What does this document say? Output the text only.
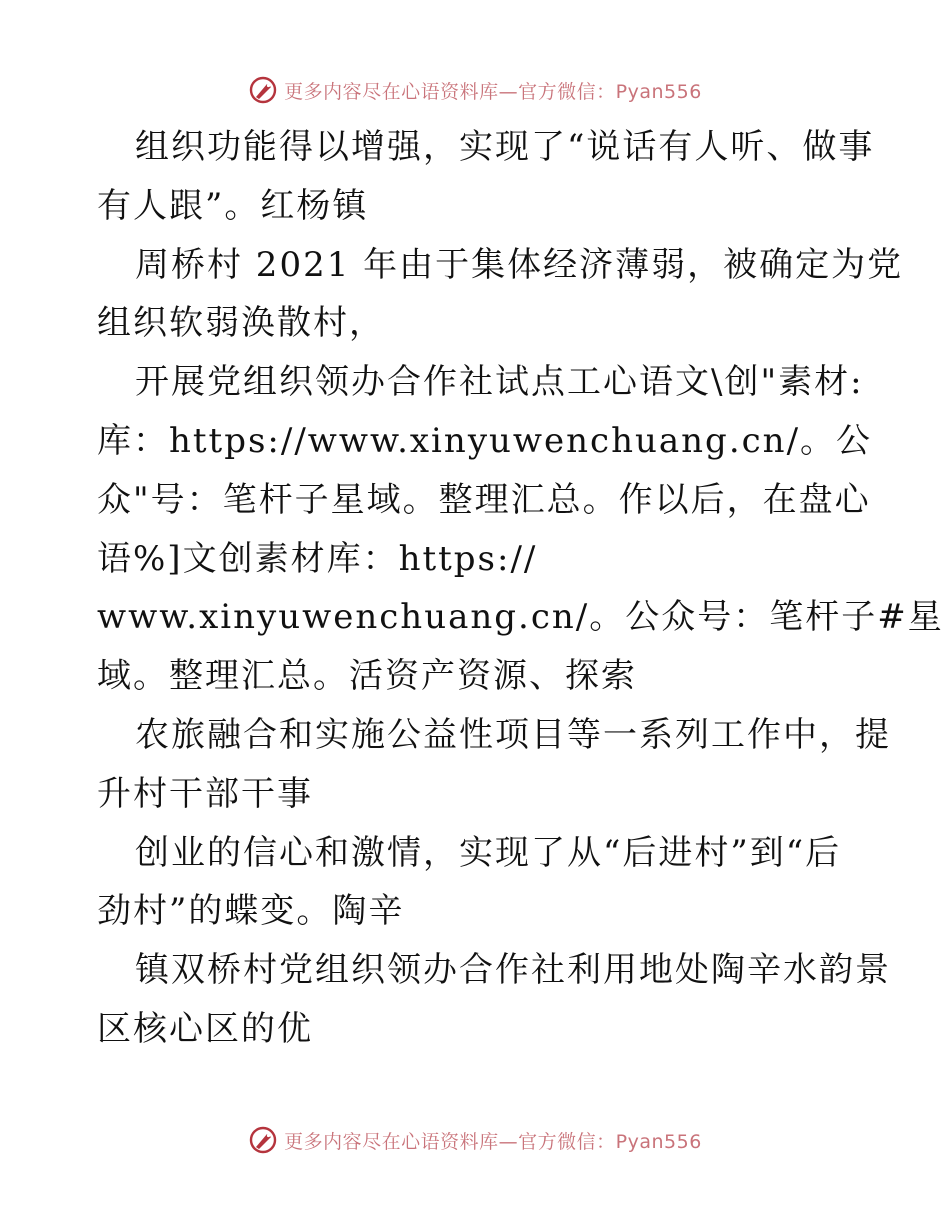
更多内容尽在心语资料库—官方微信：Pyan556
组织功能得以增强，实现了“说话有人听、做事
有人跟”。红杨镇
周桥村 2021 年由于集体经济薄弱，被确定为党
组织软弱涣散村，
开展党组织领办合作社试点工心语文\创"素材:
库：https://www.xinyuwenchuang.cn/。公
众"号：笔杆子星域。整理汇总。作以后，在盘心
语%]文创素材库：https://
www.xinyuwenchuang.cn/。公众号：笔杆子#星
域。整理汇总。活资产资源、探索
农旅融合和实施公益性项目等一系列工作中，提
升村干部干事
创业的信心和激情，实现了从“后进村”到“后
劲村”的蝶变。陶辛
镇双桥村党组织领办合作社利用地处陶辛水韵景
区核心区的优
更多内容尽在心语资料库—官方微信：Pyan556
